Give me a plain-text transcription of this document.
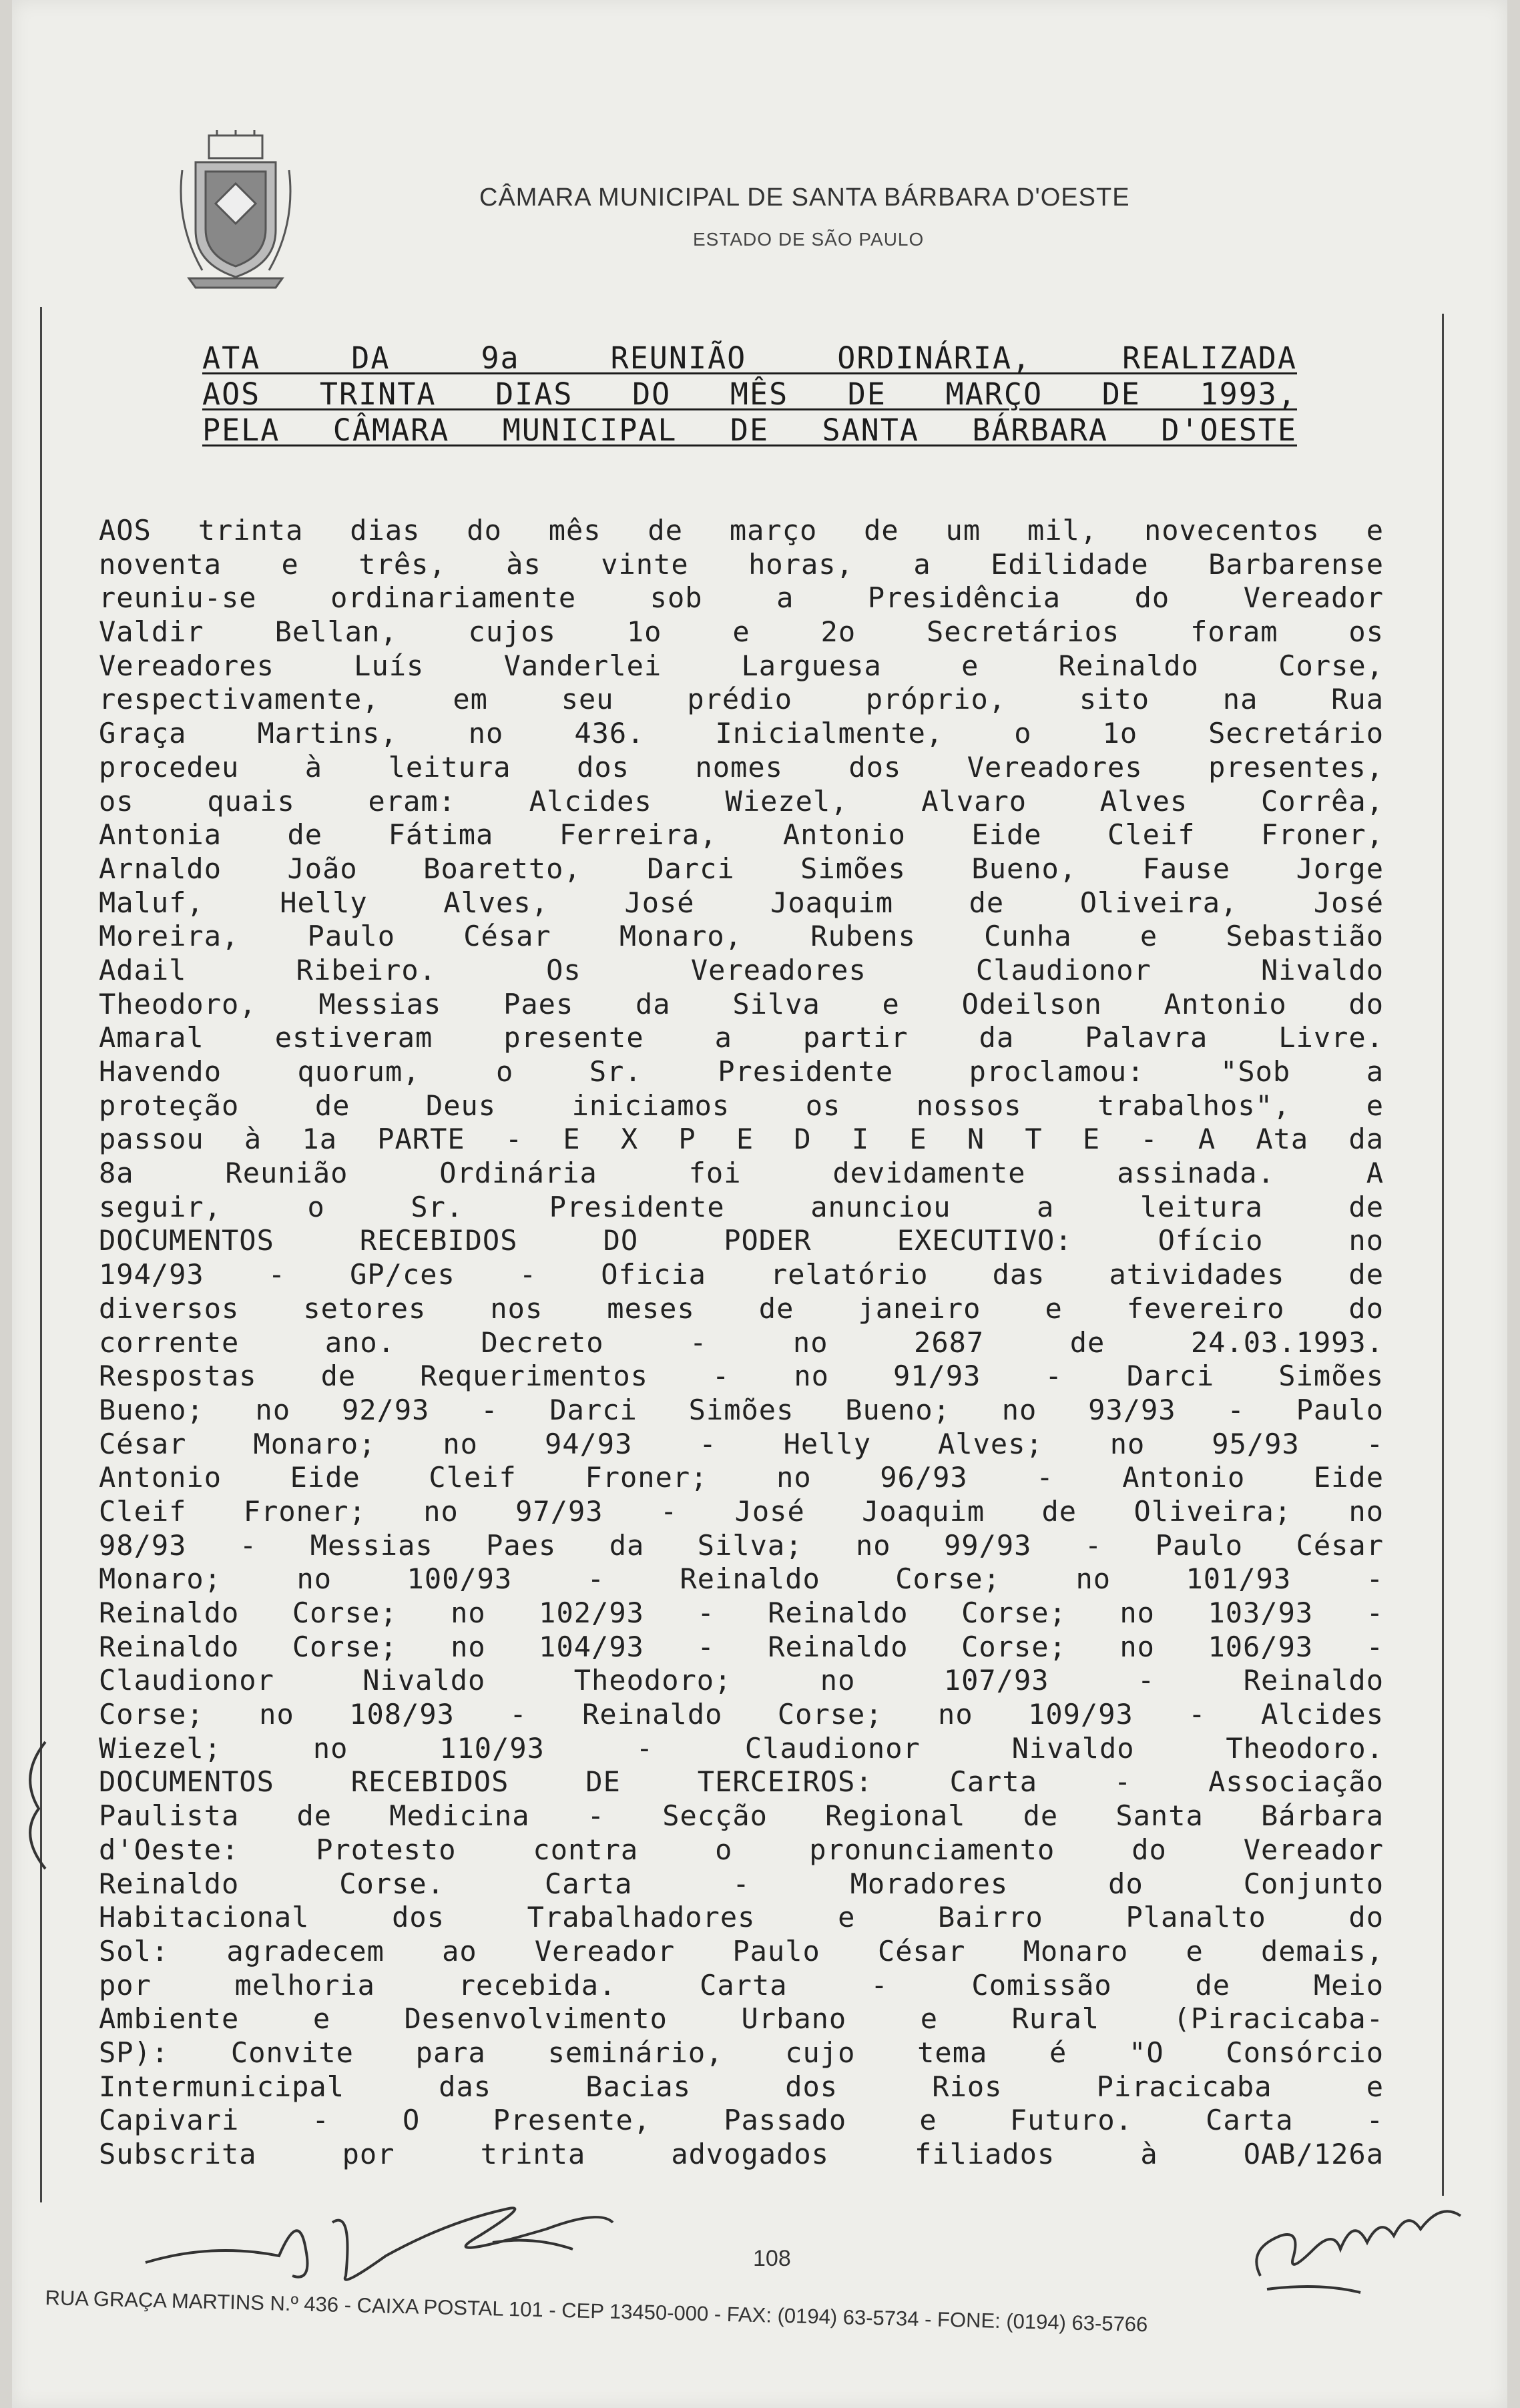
CÂMARA MUNICIPAL DE SANTA BÁRBARA D'OESTE
ESTADO DE SÃO PAULO
ATA DA 9a REUNIÃO ORDINÁRIA, REALIZADA
AOS TRINTA DIAS DO MÊS DE MARÇO DE 1993,
PELA CÂMARA MUNICIPAL DE SANTA BÁRBARA D'OESTE
AOS trinta dias do mês de março de um mil, novecentos e
noventa e três, às vinte horas, a Edilidade Barbarense
reuniu-se ordinariamente sob a Presidência do Vereador
Valdir Bellan, cujos 1o e 2o Secretários foram os
Vereadores Luís Vanderlei Larguesa e Reinaldo Corse,
respectivamente, em seu prédio próprio, sito na Rua
Graça Martins, no 436. Inicialmente, o 1o Secretário
procedeu à leitura dos nomes dos Vereadores presentes,
os quais eram: Alcides Wiezel, Alvaro Alves Corrêa,
Antonia de Fátima Ferreira, Antonio Eide Cleif Froner,
Arnaldo João Boaretto, Darci Simões Bueno, Fause Jorge
Maluf, Helly Alves, José Joaquim de Oliveira, José
Moreira, Paulo César Monaro, Rubens Cunha e Sebastião
Adail Ribeiro. Os Vereadores Claudionor Nivaldo
Theodoro, Messias Paes da Silva e Odeilson Antonio do
Amaral estiveram presente a partir da Palavra Livre.
Havendo quorum, o Sr. Presidente proclamou: "Sob a
proteção de Deus iniciamos os nossos trabalhos", e
passou à 1a PARTE - E X P E D I E N T E - A Ata da
8a Reunião Ordinária foi devidamente assinada. A
seguir, o Sr. Presidente anunciou a leitura de
DOCUMENTOS RECEBIDOS DO PODER EXECUTIVO: Ofício no
194/93 - GP/ces - Oficia relatório das atividades de
diversos setores nos meses de janeiro e fevereiro do
corrente ano. Decreto - no 2687 de 24.03.1993.
Respostas de Requerimentos - no 91/93 - Darci Simões
Bueno; no 92/93 - Darci Simões Bueno; no 93/93 - Paulo
César Monaro; no 94/93 - Helly Alves; no 95/93 -
Antonio Eide Cleif Froner; no 96/93 - Antonio Eide
Cleif Froner; no 97/93 - José Joaquim de Oliveira; no
98/93 - Messias Paes da Silva; no 99/93 - Paulo César
Monaro; no 100/93 - Reinaldo Corse; no 101/93 -
Reinaldo Corse; no 102/93 - Reinaldo Corse; no 103/93 -
Reinaldo Corse; no 104/93 - Reinaldo Corse; no 106/93 -
Claudionor Nivaldo Theodoro; no 107/93 - Reinaldo
Corse; no 108/93 - Reinaldo Corse; no 109/93 - Alcides
Wiezel; no 110/93 - Claudionor Nivaldo Theodoro.
DOCUMENTOS RECEBIDOS DE TERCEIROS: Carta - Associação
Paulista de Medicina - Secção Regional de Santa Bárbara
d'Oeste: Protesto contra o pronunciamento do Vereador
Reinaldo Corse. Carta - Moradores do Conjunto
Habitacional dos Trabalhadores e Bairro Planalto do
Sol: agradecem ao Vereador Paulo César Monaro e demais,
por melhoria recebida. Carta - Comissão de Meio
Ambiente e Desenvolvimento Urbano e Rural (Piracicaba-
SP): Convite para seminário, cujo tema é "O Consórcio
Intermunicipal das Bacias dos Rios Piracicaba e
Capivari - O Presente, Passado e Futuro. Carta -
Subscrita por trinta advogados filiados à OAB/126a
108
RUA GRAÇA MARTINS N.º 436 - CAIXA POSTAL 101 - CEP 13450-000 - FAX: (0194) 63-5734 - FONE: (0194) 63-5766
